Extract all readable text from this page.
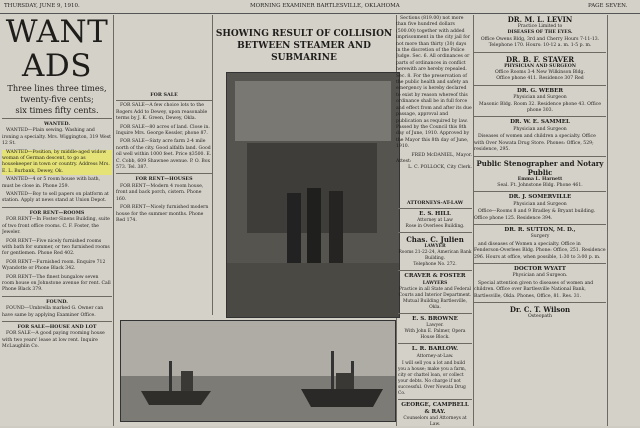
THURSDAY, JUNE 9, 1910.	MORNING EXAMINER BARTLESVILLE, OKLAHOMA	PAGE SEVEN.
WANT ADS
Three lines three times, twenty-five cents;
six times fifty cents.
WANTED.
WANTED—Plain sewing. Washing and ironing a specialty. Mrs. Wiggington, 319 West 12 St.
WANTED—Position, by middle-aged widow woman of German descent, to go as housekeeper in town or country. Address Mrs. E. L. Burbank, Dewey, Ok.
WANTED—4 or 5 room house with bath, must be close in. Phone 259.
WANTED—Boy to sell papers on platform at station. Apply at news stand at Union Depot.
FOR RENT—ROOMS
FOR RENT—In Foster-Sinens Building, suite of two front office rooms. C. F. Foster, the Jeweler.
FOR RENT—Five nicely furnished rooms with bath for summer, or two furnished rooms for gentlemen. Phone Red 402.
FOR RENT—Furnished room. Enquire 712 Wyandotte or Phone Black 342.
FOR RENT—The finest bungalow seven room house on Johnstone avenue for rent. Call Phone Black 379.
FOUND.
FOUND—Umbrella marked G. Owner can have same by applying Examiner Office.
FOR SALE—HOUSE AND LOT
FOR SALE—A good paying rooming house with two years' lease at low rent. Inquire McLaughlin Co.
FOR SALE
FOR SALE—A few choice lots to the Rogers Add to Dewey, upon reasonable terms by J. K. Green, Dewey, Okla.
FOR SALE—80 acres of land. Close in. Inquire Mrs. George Kessler, phone 87.
FOR SALE—Sixty acre farm 2-4 mile north of the city. Good alfalfa land. Good oil well within 1000 feet. Price $3500. E. C. Cobb, 609 Shawnee avenue. P. O. Box 573. Tel. 387.
FOR RENT—HOUSES
FOR RENT—Modern 4 room house, front and back porch, cistern. Phone 160.
FOR RENT—Nicely furnished modern house for the summer months. Phone Red 174.
SHOWING RESULT OF COLLISION
BETWEEN STEAMER AND SUBMARINE
Sections (819.00) not more than five hundred dollars (500.00) together with added imprisonment in the city jail for not more than thirty (30) days in the discretion of the Police Judge. Sec. 6. All ordinances or parts of ordinances in conflict herewith are hereby repealed. Sec. 8. For the preservation of the public health and safety an emergency is hereby declared to exist by reason whereof this ordinance shall be in full force and effect from and after its due passage, approval and publication as required by law. Passed by the Council this 8th day of June, 1910. Approved by the Mayor this 8th day of June, 1910.
FRED McDANIEL, Mayor.
Attest:
L. C. POLLOCK, City Clerk.
ATTORNEYS-AT-LAW
E. S. HILL
Attorney at Law
Rose in Overlees Building.
Chas. C. Julien
LAWYER
Rooms 21-22-24, American Bank Building.
Telephone No. 272.
CRAVER & FOSTER
LAWYERS
Practice in all State and Federal Courts and Interior Department. Mutual Building Bartlesville, Okla.
E. S. BROWNE
Lawyer.
With John E. Palmer, Opera House Block.
L. R. BARLOW.
Attorney-at-Law.
I will sell you a lot and build you a house; make you a farm, city or chattel loan, or collect your debts. No charge if not successful. Over Nowata Drug Co.
GEORGE, CAMPBELL & RAY.
Counselors and Attorneys at Law.
DR. M. L. LEVIN
Practice Limited to
DISEASES OF THE EYES.
Office Owens Bldg, 3rd and Cherry Hours 7-11-13.
Telephone 170. Hours: 10-12 a. m. 1-5 p. m.
DR. B. F. STAVER
PHYSICIAN AND SURGEON
Office Rooms 3-4 New Wilkinson Bldg.
Office phone 411. Residence 307 Red
DR. G. WEBER
Physician and Surgeon
Masonic Bldg. Room 32. Residence phone 43. Office phone 303.
DR. W. E. SAMMEL
Physician and Surgeon
Diseases of women and children a specialty. Office with Over Nowata Drug Store. Phones: Office, 529; residence, 295.
Public Stenographer and Notary Public
Emma L. Harnett
Seal. Ft. Johnstone Bldg. Phone 461.
DR. J. SOMERVILLE
Physician and Surgeon
Office—Rooms 8 and 9 Bradley & Bryant building. Office phone 125. Residence 394.
DR. R. SUTTON, M. D.,
Surgery
and diseases of Women a specialty. Office in Fenderson-Overlees Bldg. Phone: Office, 251. Residence 296. Hours at office, when possible, 1:30 to 3:00 p. m.
DOCTOR WYATT
Physician and Surgeon.
Special attention given to diseases of women and children. Office over Bartlesville National Bank, Bartlesville, Okla. Phones, Office, 81. Res. 31.
Dr. C. T. Wilson
Osteopath
